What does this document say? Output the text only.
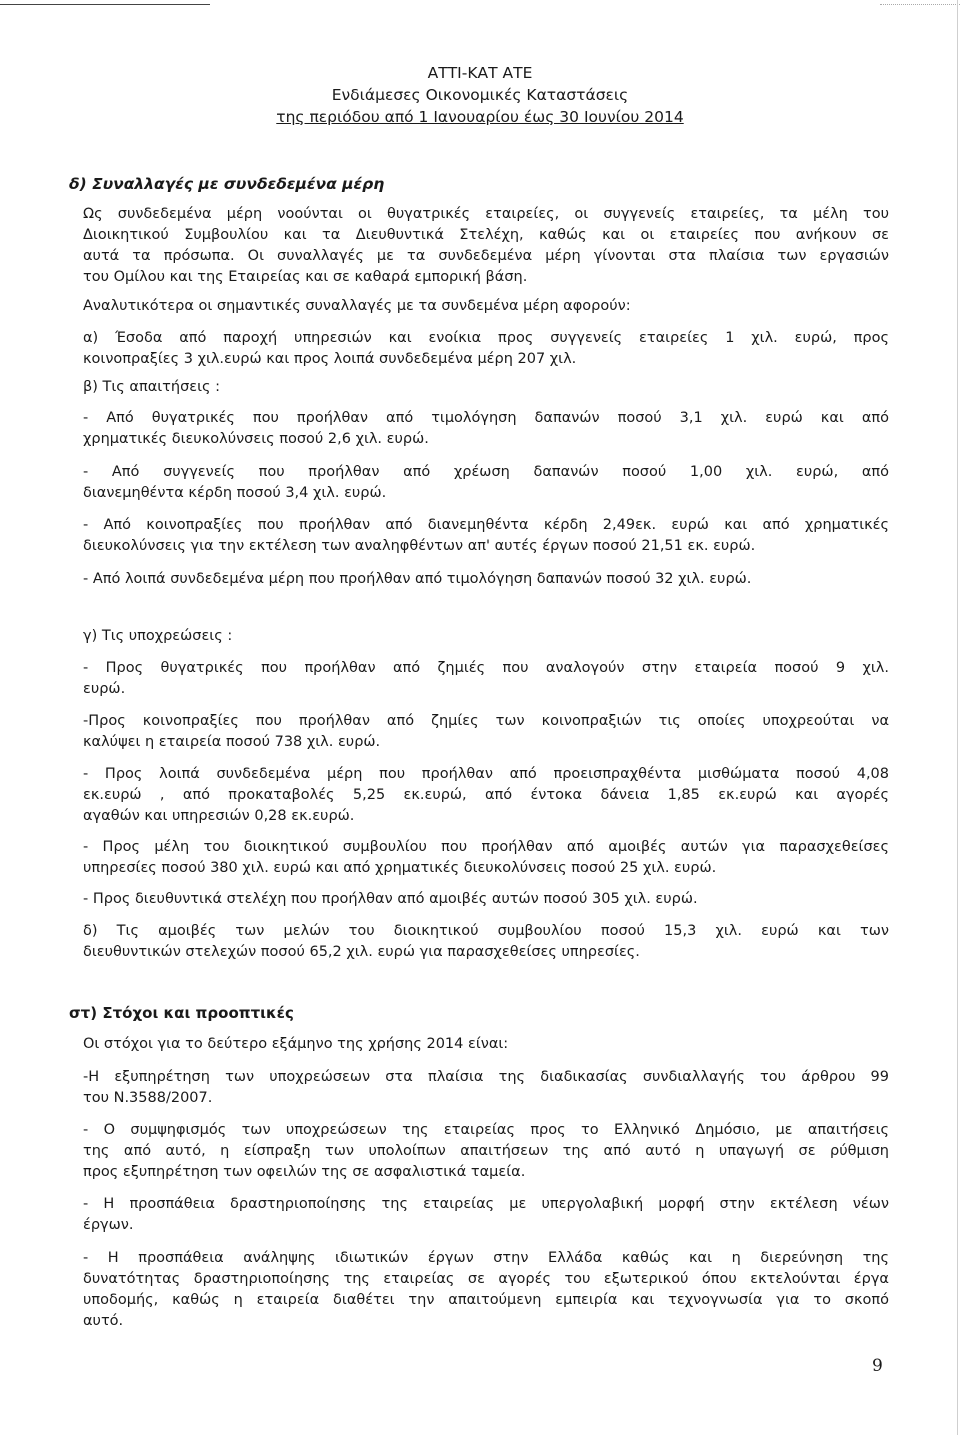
ΑΤΤΙ-ΚΑΤ ΑΤΕ
Ενδιάμεσες Οικονομικές Καταστάσεις
της περιόδου από 1 Ιανουαρίου έως 30 Ιουνίου 2014
δ) Συναλλαγές με συνδεδεμένα μέρη
Ως συνδεδεμένα μέρη νοούνται οι θυγατρικές εταιρείες, οι συγγενείς εταιρείες, τα μέλη του
Διοικητικού Συμβουλίου και τα Διευθυντικά Στελέχη, καθώς και οι εταιρείες που ανήκουν σε
αυτά τα πρόσωπα. Οι συναλλαγές με τα συνδεδεμένα μέρη γίνονται στα πλαίσια των εργασιών
του Ομίλου και της Εταιρείας και σε καθαρά εμπορική βάση.
Αναλυτικότερα οι σημαντικές συναλλαγές με τα συνδεμένα μέρη αφορούν:
α) Έσοδα από παροχή υπηρεσιών και ενοίκια προς συγγενείς εταιρείες 1 χιλ. ευρώ, προς
κοινοπραξίες 3 χιλ.ευρώ και προς λοιπά συνδεδεμένα μέρη 207 χιλ.
β) Τις απαιτήσεις :
- Από θυγατρικές που προήλθαν από τιμολόγηση δαπανών ποσού 3,1 χιλ. ευρώ και από
χρηματικές διευκολύνσεις ποσού 2,6 χιλ. ευρώ.
- Από συγγενείς που προήλθαν από χρέωση δαπανών ποσού 1,00 χιλ. ευρώ, από
διανεμηθέντα κέρδη ποσού 3,4 χιλ. ευρώ.
- Από κοινοπραξίες που προήλθαν από διανεμηθέντα κέρδη 2,49εκ. ευρώ και από χρηματικές
διευκολύνσεις για την εκτέλεση των αναληφθέντων απ' αυτές έργων ποσού 21,51 εκ. ευρώ.
- Από λοιπά συνδεδεμένα μέρη που προήλθαν από τιμολόγηση δαπανών ποσού 32 χιλ. ευρώ.
γ) Τις υποχρεώσεις :
- Προς θυγατρικές που προήλθαν από ζημιές που αναλογούν στην εταιρεία ποσού 9 χιλ.
ευρώ.
-Προς κοινοπραξίες που προήλθαν από ζημίες των κοινοπραξιών τις οποίες υποχρεούται να
καλύψει η εταιρεία ποσού 738 χιλ. ευρώ.
- Προς λοιπά συνδεδεμένα μέρη που προήλθαν από προεισπραχθέντα μισθώματα ποσού 4,08
εκ.ευρώ , από προκαταβολές 5,25 εκ.ευρώ, από έντοκα δάνεια 1,85 εκ.ευρώ και αγορές
αγαθών και υπηρεσιών 0,28 εκ.ευρώ.
- Προς μέλη του διοικητικού συμβουλίου που προήλθαν από αμοιβές αυτών για παρασχεθείσες
υπηρεσίες ποσού 380 χιλ. ευρώ και από χρηματικές διευκολύνσεις ποσού 25 χιλ. ευρώ.
- Προς διευθυντικά στελέχη που προήλθαν από αμοιβές αυτών ποσού 305 χιλ. ευρώ.
δ) Τις αμοιβές των μελών του διοικητικού συμβουλίου ποσού 15,3 χιλ. ευρώ και των
διευθυντικών στελεχών ποσού 65,2 χιλ. ευρώ για παρασχεθείσες υπηρεσίες.
στ) Στόχοι και προοπτικές
Οι στόχοι για το δεύτερο εξάμηνο της χρήσης 2014 είναι:
-Η εξυπηρέτηση των υποχρεώσεων στα πλαίσια της διαδικασίας συνδιαλλαγής του άρθρου 99
του Ν.3588/2007.
- Ο συμψηφισμός των υποχρεώσεων της εταιρείας προς το Ελληνικό Δημόσιο, με απαιτήσεις
της από αυτό, η είσπραξη των υπολοίπων απαιτήσεων της από αυτό η υπαγωγή σε ρύθμιση
προς εξυπηρέτηση των οφειλών της σε ασφαλιστικά ταμεία.
- Η προσπάθεια δραστηριοποίησης της εταιρείας με υπεργολαβική μορφή στην εκτέλεση νέων
έργων.
- Η προσπάθεια ανάληψης ιδιωτικών έργων στην Ελλάδα καθώς και η διερεύνηση της
δυνατότητας δραστηριοποίησης της εταιρείας σε αγορές του εξωτερικού όπου εκτελούνται έργα
υποδομής, καθώς η εταιρεία διαθέτει την απαιτούμενη εμπειρία και τεχνογνωσία για το σκοπό
αυτό.
9
